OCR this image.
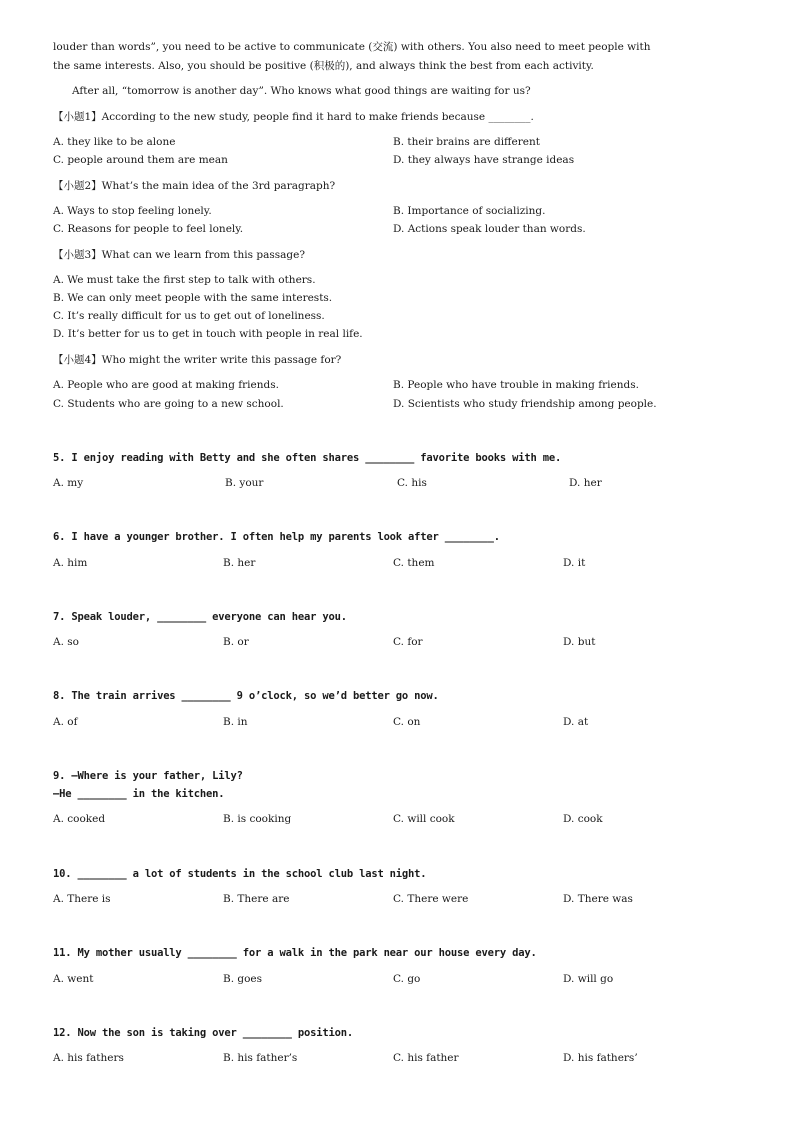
louder than words”, you need to be active to communicate (交流) with others. You also need to meet people with
the same interests. Also, you should be positive (积极的), and always think the best from each activity.
After all, “tomorrow is another day”. Who knows what good things are waiting for us?
【小题1】According to the new study, people find it hard to make friends because ________.
A. they like to be alone	B. their brains are different
C. people around them are mean	D. they always have strange ideas
【小题2】What’s the main idea of the 3rd paragraph?
A. Ways to stop feeling lonely.	B. Importance of socializing.
C. Reasons for people to feel lonely.	D. Actions speak louder than words.
【小题3】What can we learn from this passage?
A. We must take the first step to talk with others.
B. We can only meet people with the same interests.
C. It’s really difficult for us to get out of loneliness.
D. It’s better for us to get in touch with people in real life.
【小题4】Who might the writer write this passage for?
A. People who are good at making friends.	B. People who have trouble in making friends.
C. Students who are going to a new school.	D. Scientists who study friendship among people.
5. I enjoy reading with Betty and she often shares ________ favorite books with me.
A. my	B. your	C. his	D. her
6. I have a younger brother. I often help my parents look after ________.
A. him	B. her	C. them	D. it
7. Speak louder, ________ everyone can hear you.
A. so	B. or	C. for	D. but
8. The train arrives ________ 9 o’clock, so we’d better go now.
A. of	B. in	C. on	D. at
9. —Where is your father, Lily?
—He ________ in the kitchen.
A. cooked	B. is cooking	C. will cook	D. cook
10. ________ a lot of students in the school club last night.
A. There is	B. There are	C. There were	D. There was
11. My mother usually ________ for a walk in the park near our house every day.
A. went	B. goes	C. go	D. will go
12. Now the son is taking over ________ position.
A. his fathers	B. his father’s	C. his father	D. his fathers’
